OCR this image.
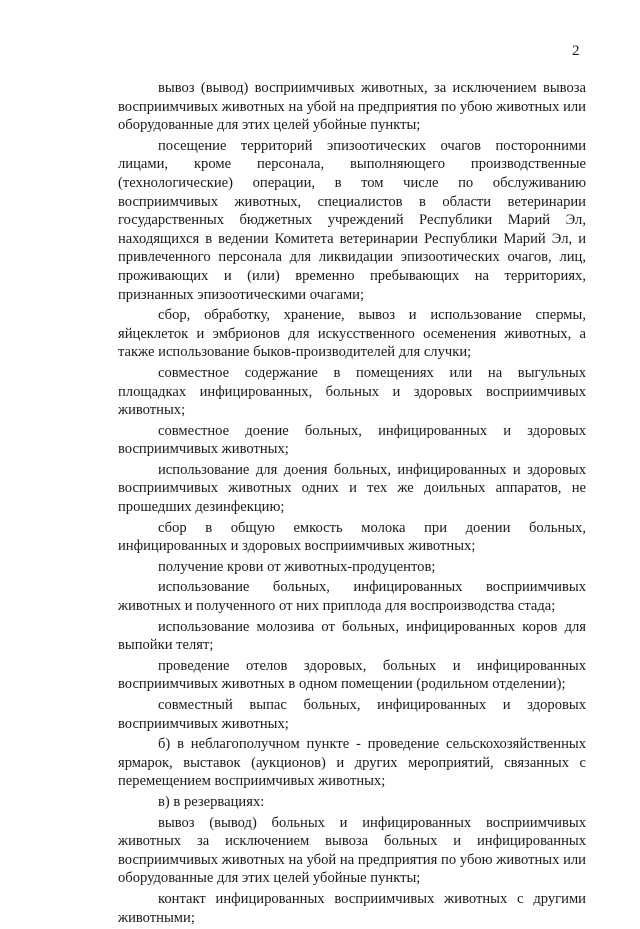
2

вывоз (вывод) восприимчивых животных, за исключением вывоза восприимчивых животных на убой на предприятия по убою животных или оборудованные для этих целей убойные пункты;

посещение территорий эпизоотических очагов посторонними лицами, кроме персонала, выполняющего производственные (технологические) операции, в том числе по обслуживанию восприимчивых животных, специалистов в области ветеринарии государственных бюджетных учреждений Республики Марий Эл, находящихся в ведении Комитета ветеринарии Республики Марий Эл, и привлеченного персонала для ликвидации эпизоотических очагов, лиц, проживающих и (или) временно пребывающих на территориях, признанных эпизоотическими очагами;

сбор, обработку, хранение, вывоз и использование спермы, яйцеклеток и эмбрионов для искусственного осеменения животных, а также использование быков-производителей для случки;

совместное содержание в помещениях или на выгульных площадках инфицированных, больных и здоровых восприимчивых животных;

совместное доение больных, инфицированных и здоровых восприимчивых животных;

использование для доения больных, инфицированных и здоровых восприимчивых животных одних и тех же доильных аппаратов, не прошедших дезинфекцию;

сбор в общую емкость молока при доении больных, инфицированных и здоровых восприимчивых животных;

получение крови от животных-продуцентов;

использование больных, инфицированных восприимчивых животных и полученного от них приплода для воспроизводства стада;

использование молозива от больных, инфицированных коров для выпойки телят;

проведение отелов здоровых, больных и инфицированных восприимчивых животных в одном помещении (родильном отделении);

совместный выпас больных, инфицированных и здоровых восприимчивых животных;

б) в неблагополучном пункте - проведение сельскохозяйственных ярмарок, выставок (аукционов) и других мероприятий, связанных с перемещением восприимчивых животных;

в) в резервациях:

вывоз (вывод) больных и инфицированных восприимчивых животных за исключением вывоза больных и инфицированных восприимчивых животных на убой на предприятия по убою животных или оборудованные для этих целей убойные пункты;

контакт инфицированных восприимчивых животных с другими животными;
